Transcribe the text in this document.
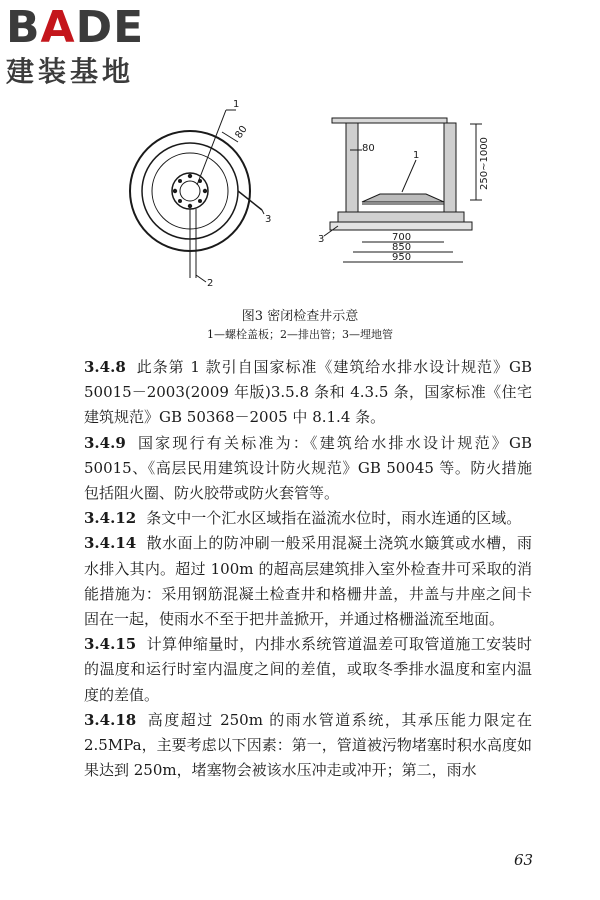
BADE
建装基地
1
80
3
2
80
1	250~1000
3	700
850
950
图3 密闭检查井示意
1—螺栓盖板；2—排出管；3—埋地管

3.4.8 此条第 1 款引自国家标准《建筑给水排水设计规范》GB 50015－2003(2009 年版)3.5.8 条和 4.3.5 条，国家标准《住宅建筑规范》GB 50368－2005 中 8.1.4 条。

3.4.9 国家现行有关标准为：《建筑给水排水设计规范》GB 50015、《高层民用建筑设计防火规范》GB 50045 等。防火措施包括阻火圈、防火胶带或防火套管等。

3.4.12 条文中一个汇水区域指在溢流水位时，雨水连通的区域。

3.4.14 散水面上的防冲刷一般采用混凝土浇筑水簸箕或水槽，雨水排入其内。超过 100m 的超高层建筑排入室外检查井可采取的消能措施为：采用钢筋混凝土检查井和格栅井盖，井盖与井座之间卡固在一起，使雨水不至于把井盖掀开，并通过格栅溢流至地面。

3.4.15 计算伸缩量时，内排水系统管道温差可取管道施工安装时的温度和运行时室内温度之间的差值，或取冬季排水温度和室内温度的差值。

3.4.18 高度超过 250m 的雨水管道系统，其承压能力限定在 2.5MPa，主要考虑以下因素：第一，管道被污物堵塞时积水高度如果达到 250m，堵塞物会被该水压冲走或冲开；第二，雨水

63
